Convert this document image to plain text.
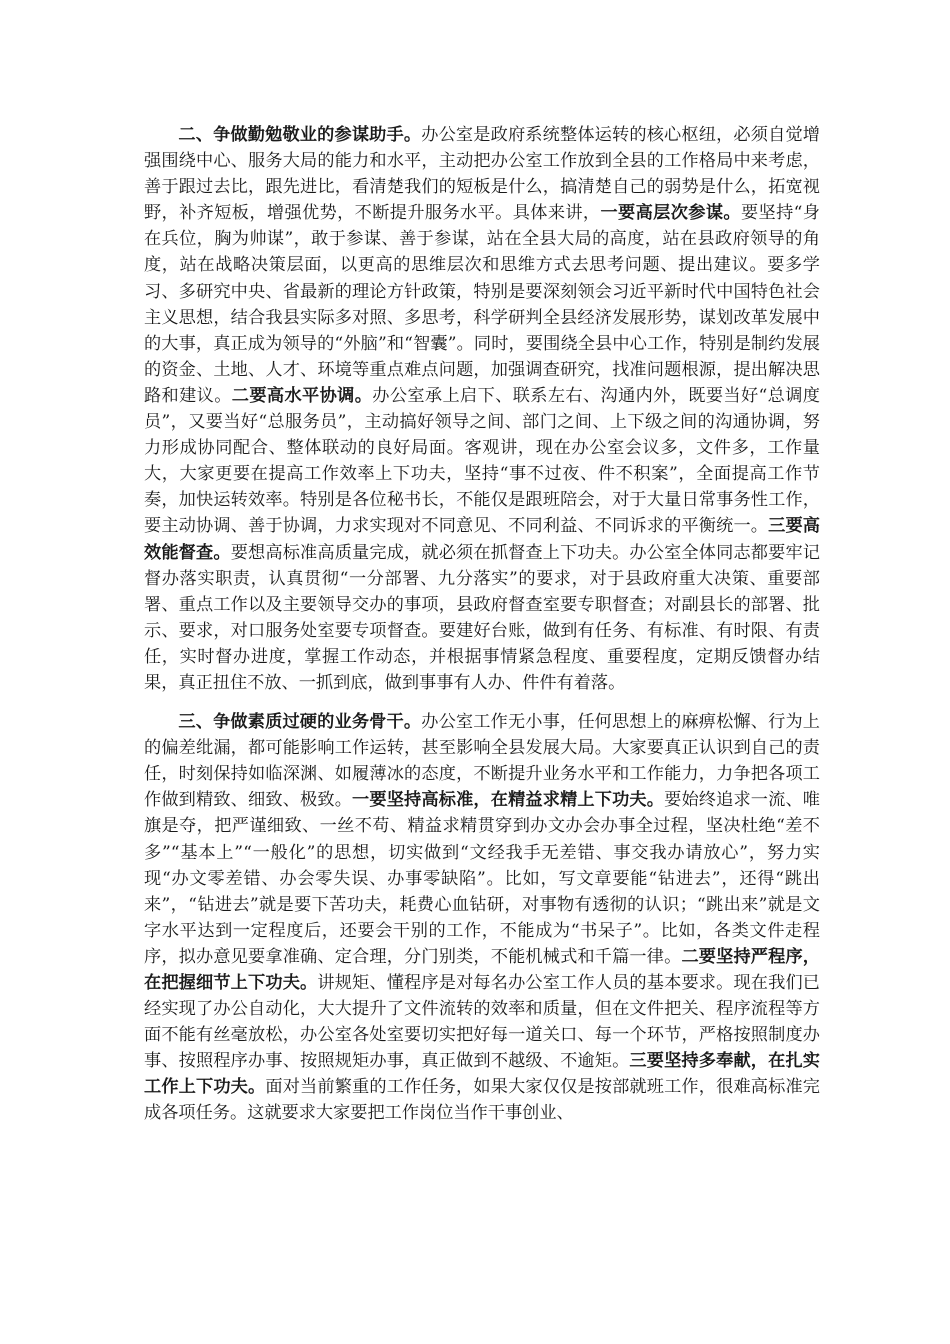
二、争做勤勉敬业的参谋助手。办公室是政府系统整体运转的核心枢纽，必须自觉增强围绕中心、服务大局的能力和水平，主动把办公室工作放到全县的工作格局中来考虑，善于跟过去比，跟先进比，看清楚我们的短板是什么，搞清楚自己的弱势是什么，拓宽视野，补齐短板，增强优势，不断提升服务水平。具体来讲，一要高层次参谋。要坚持“身在兵位，胸为帅谋”，敢于参谋、善于参谋，站在全县大局的高度，站在县政府领导的角度，站在战略决策层面，以更高的思维层次和思维方式去思考问题、提出建议。要多学习、多研究中央、省最新的理论方针政策，特别是要深刻领会习近平新时代中国特色社会主义思想，结合我县实际多对照、多思考，科学研判全县经济发展形势，谋划改革发展中的大事，真正成为领导的“外脑”和“智囊”。同时，要围绕全县中心工作，特别是制约发展的资金、土地、人才、环境等重点难点问题，加强调查研究，找准问题根源，提出解决思路和建议。二要高水平协调。办公室承上启下、联系左右、沟通内外，既要当好“总调度员”，又要当好“总服务员”，主动搞好领导之间、部门之间、上下级之间的沟通协调，努力形成协同配合、整体联动的良好局面。客观讲，现在办公室会议多，文件多，工作量大，大家更要在提高工作效率上下功夫，坚持“事不过夜、件不积案”，全面提高工作节奏，加快运转效率。特别是各位秘书长，不能仅是跟班陪会，对于大量日常事务性工作，要主动协调、善于协调，力求实现对不同意见、不同利益、不同诉求的平衡统一。三要高效能督查。要想高标准高质量完成，就必须在抓督查上下功夫。办公室全体同志都要牢记督办落实职责，认真贯彻“一分部署、九分落实”的要求，对于县政府重大决策、重要部署、重点工作以及主要领导交办的事项，县政府督查室要专职督查；对副县长的部署、批示、要求，对口服务处室要专项督查。要建好台账，做到有任务、有标准、有时限、有责任，实时督办进度，掌握工作动态，并根据事情紧急程度、重要程度，定期反馈督办结果，真正扭住不放、一抓到底，做到事事有人办、件件有着落。

三、争做素质过硬的业务骨干。办公室工作无小事，任何思想上的麻痹松懈、行为上的偏差纰漏，都可能影响工作运转，甚至影响全县发展大局。大家要真正认识到自己的责任，时刻保持如临深渊、如履薄冰的态度，不断提升业务水平和工作能力，力争把各项工作做到精致、细致、极致。一要坚持高标准，在精益求精上下功夫。要始终追求一流、唯旗是夺，把严谨细致、一丝不苟、精益求精贯穿到办文办会办事全过程，坚决杜绝“差不多”“基本上”“一般化”的思想，切实做到“文经我手无差错、事交我办请放心”，努力实现“办文零差错、办会零失误、办事零缺陷”。比如，写文章要能“钻进去”，还得“跳出来”，“钻进去”就是要下苦功夫，耗费心血钻研，对事物有透彻的认识；“跳出来”就是文字水平达到一定程度后，还要会干别的工作，不能成为“书呆子”。比如，各类文件走程序，拟办意见要拿准确、定合理，分门别类，不能机械式和千篇一律。二要坚持严程序，在把握细节上下功夫。讲规矩、懂程序是对每名办公室工作人员的基本要求。现在我们已经实现了办公自动化，大大提升了文件流转的效率和质量，但在文件把关、程序流程等方面不能有丝毫放松，办公室各处室要切实把好每一道关口、每一个环节，严格按照制度办事、按照程序办事、按照规矩办事，真正做到不越级、不逾矩。三要坚持多奉献，在扎实工作上下功夫。面对当前繁重的工作任务，如果大家仅仅是按部就班工作，很难高标准完成各项任务。这就要求大家要把工作岗位当作干事创业、
